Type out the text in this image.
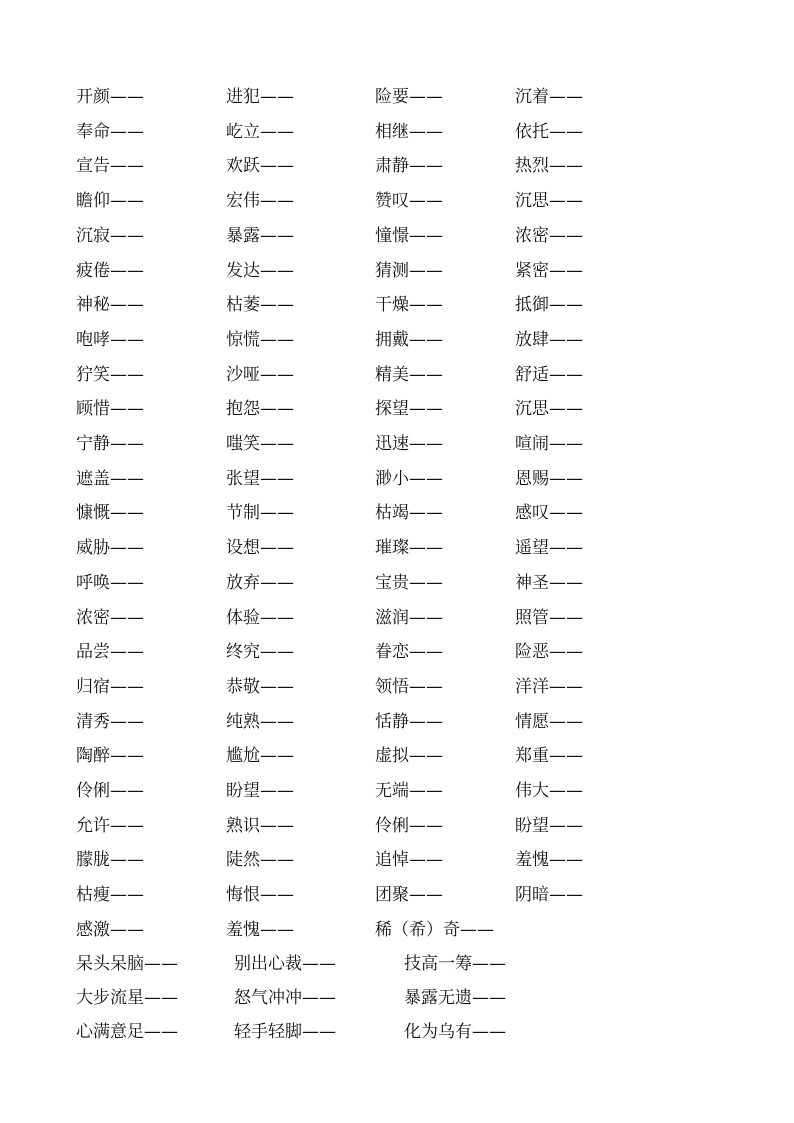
开颜——	进犯——	险要——	沉着——
奉命——	屹立——	相继——	依托——
宣告——	欢跃——	肃静——	热烈——
瞻仰——	宏伟——	赞叹——	沉思——
沉寂——	暴露——	憧憬——	浓密——
疲倦——	发达——	猜测——	紧密——
神秘——	枯萎——	干燥——	抵御——
咆哮——	惊慌——	拥戴——	放肆——
狞笑——	沙哑——	精美——	舒适——
顾惜——	抱怨——	探望——	沉思——
宁静——	嗤笑——	迅速——	喧闹——
遮盖——	张望——	渺小——	恩赐——
慷慨——	节制——	枯竭——	感叹——
威胁——	设想——	璀璨——	遥望——
呼唤——	放弃——	宝贵——	神圣——
浓密——	体验——	滋润——	照管——
品尝——	终究——	眷恋——	险恶——
归宿——	恭敬——	领悟——	洋洋——
清秀——	纯熟——	恬静——	情愿——
陶醉——	尴尬——	虚拟——	郑重——
伶俐——	盼望——	无端——	伟大——
允许——	熟识——	伶俐——	盼望——
朦胧——	陡然——	追悼——	羞愧——
枯瘦——	悔恨——	团聚——	阴暗——
感激——	羞愧——	稀（希）奇——
呆头呆脑——	别出心裁——	技高一筹——
大步流星——	怒气冲冲——	暴露无遗——
心满意足——	轻手轻脚——	化为乌有——
